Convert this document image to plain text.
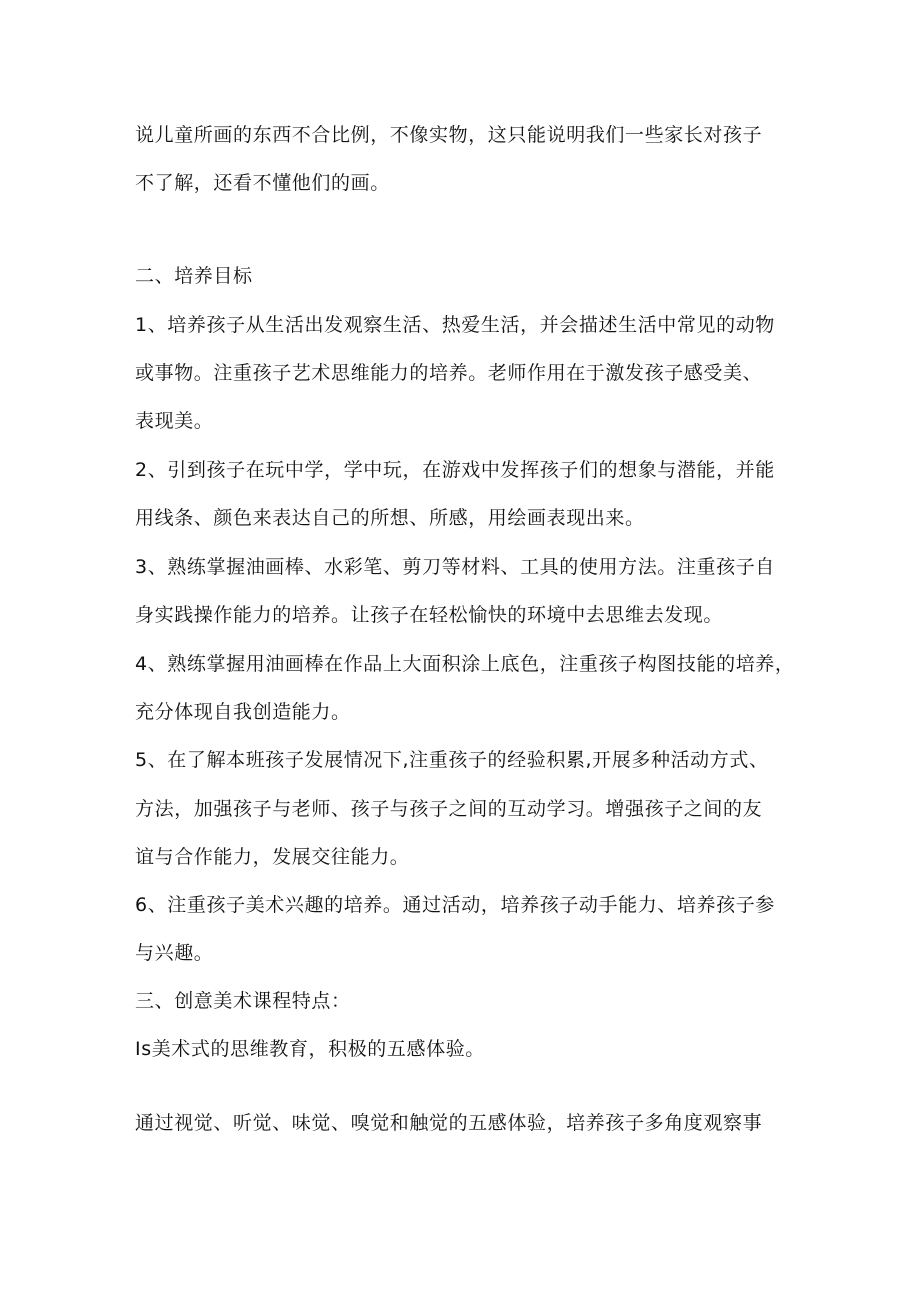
说儿童所画的东西不合比例，不像实物，这只能说明我们一些家长对孩子
不了解，还看不懂他们的画。
二、培养目标
1、培养孩子从生活出发观察生活、热爱生活，并会描述生活中常见的动物
或事物。注重孩子艺术思维能力的培养。老师作用在于激发孩子感受美、
表现美。
2、引到孩子在玩中学，学中玩，在游戏中发挥孩子们的想象与潜能，并能
用线条、颜色来表达自己的所想、所感，用绘画表现出来。
3、熟练掌握油画棒、水彩笔、剪刀等材料、工具的使用方法。注重孩子自
身实践操作能力的培养。让孩子在轻松愉快的环境中去思维去发现。
4、熟练掌握用油画棒在作品上大面积涂上底色，注重孩子构图技能的培养，
充分体现自我创造能力。
5、在了解本班孩子发展情况下,注重孩子的经验积累,开展多种活动方式、
方法，加强孩子与老师、孩子与孩子之间的互动学习。增强孩子之间的友
谊与合作能力，发展交往能力。
6、注重孩子美术兴趣的培养。通过活动，培养孩子动手能力、培养孩子参
与兴趣。
三、创意美术课程特点：
Is美术式的思维教育，积极的五感体验。
通过视觉、听觉、味觉、嗅觉和触觉的五感体验，培养孩子多角度观察事
